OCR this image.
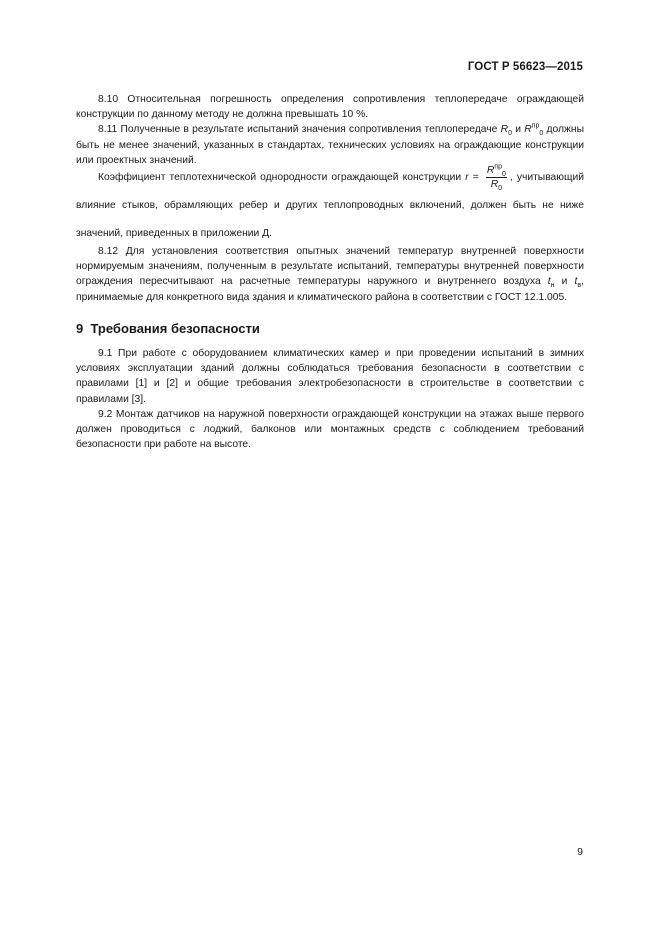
ГОСТ Р 56623—2015

8.10 Относительная погрешность определения сопротивления теплопередаче ограждающей конструкции по данному методу не должна превышать 10 %.

8.11 Полученные в результате испытаний значения сопротивления теплопередаче $R_0$ и $R^{пр}_0$ должны быть не менее значений, указанных в стандартах, технических условиях на ограждающие конструкции или проектных значений.

Коэффициент теплотехнической однородности ограждающей конструкции $r = \frac{R^{пр}_0}{R_0}$ , учитывающий влияние стыков, обрамляющих ребер и других теплопроводных включений, должен быть не ниже значений, приведенных в приложении Д.

8.12 Для установления соответствия опытных значений температур внутренней поверхности нормируемым значениям, полученным в результате испытаний, температуры внутренней поверхности ограждения пересчитывают на расчетные температуры наружного и внутреннего воздуха $t_н$ и $t_в$, принимаемые для конкретного вида здания и климатического района в соответствии с ГОСТ 12.1.005.

9 Требования безопасности

9.1 При работе с оборудованием климатических камер и при проведении испытаний в зимних условиях эксплуатации зданий должны соблюдаться требования безопасности в соответствии с правилами [1] и [2] и общие требования электробезопасности в строительстве в соответствии с правилами [3].

9.2 Монтаж датчиков на наружной поверхности ограждающей конструкции на этажах выше первого должен проводиться с лоджий, балконов или монтажных средств с соблюдением требований безопасности при работе на высоте.

9
